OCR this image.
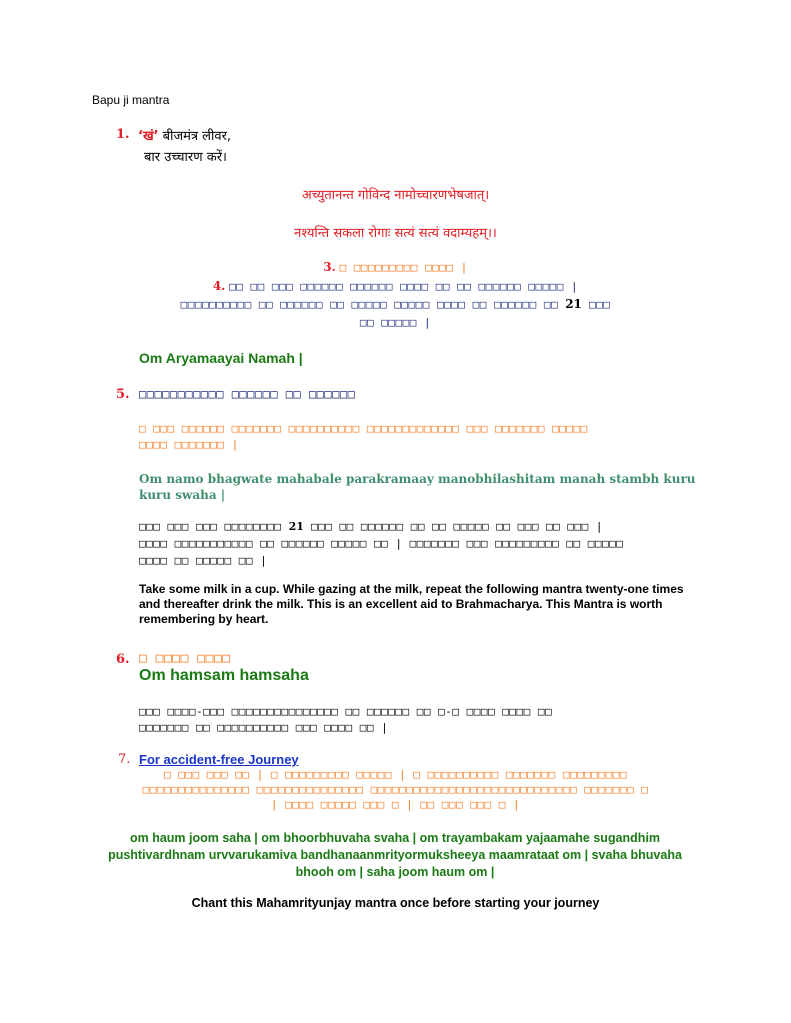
Bapu ji mantra
1. ‘खं’ बीजमंत्र लीवर,
बार उच्चारण करें।
अच्युतानन्त गोविन्द नामोच्चारणभेषजात्।
नश्यन्ति सकला रोगाः सत्यं सत्यं वदाम्यहम्।।
3. □ □□□□□□□□□ □□□□ |
4. □□ □□ □□□ □□□□□□ □□□□□□ □□□□ □□ □□ □□□□□□ □□□□□ |
□□□□□□□□□□ □□ □□□□□□ □□ □□□□□ □□□□□ □□□□ □□ □□□□□□ □□ 21 □□□
□□ □□□□□ |
Om Aryamaayai Namah |
5. □□□□□□□□□□□ □□□□□□ □□ □□□□□□
□ □□□ □□□□□□ □□□□□□□ □□□□□□□□□□ □□□□□□□□□□□□□ □□□ □□□□□□□ □□□□□
□□□□ □□□□□□□ |
Om namo bhagwate mahabale parakramaay manobhilashitam manah stambh kuru kuru swaha |
□□□ □□□ □□□ □□□□□□□□ 21 □□□ □□ □□□□□□ □□ □□ □□□□□ □□ □□□ □□ □□□ |
□□□□ □□□□□□□□□□□ □□ □□□□□□ □□□□□ □□ | □□□□□□□ □□□ □□□□□□□□□ □□ □□□□□
□□□□ □□ □□□□□ □□ |
Take some milk in a cup. While gazing at the milk, repeat the following mantra twenty-one times and thereafter drink the milk. This is an excellent aid to Brahmacharya. This Mantra is worth remembering by heart.
6. □ □□□□ □□□□
Om hamsam hamsaha
□□□ □□□□-□□□ □□□□□□□□□□□□□□□ □□ □□□□□□ □□ □-□ □□□□ □□□□ □□
□□□□□□□ □□ □□□□□□□□□□ □□□ □□□□ □□ |
7. For accident-free Journey
□ □□□ □□□ □□ | □ □□□□□□□□□ □□□□□ | □ □□□□□□□□□□ □□□□□□□ □□□□□□□□□
□□□□□□□□□□□□□□□ □□□□□□□□□□□□□□□ □□□□□□□□□□□□□□□□□□□□□□□□□□□□□ □□□□□□□ □
| □□□□ □□□□□ □□□ □ | □□ □□□ □□□ □ |
om haum joom saha | om bhoorbhuvaha svaha | om trayambakam yajaamahe sugandhim pushtivardhnam urvvarukamiva bandhanaanmrityormuksheeya maamrataat om | svaha bhuvaha bhooh om | saha joom haum om |
Chant this Mahamrityunjay mantra once before starting your journey
